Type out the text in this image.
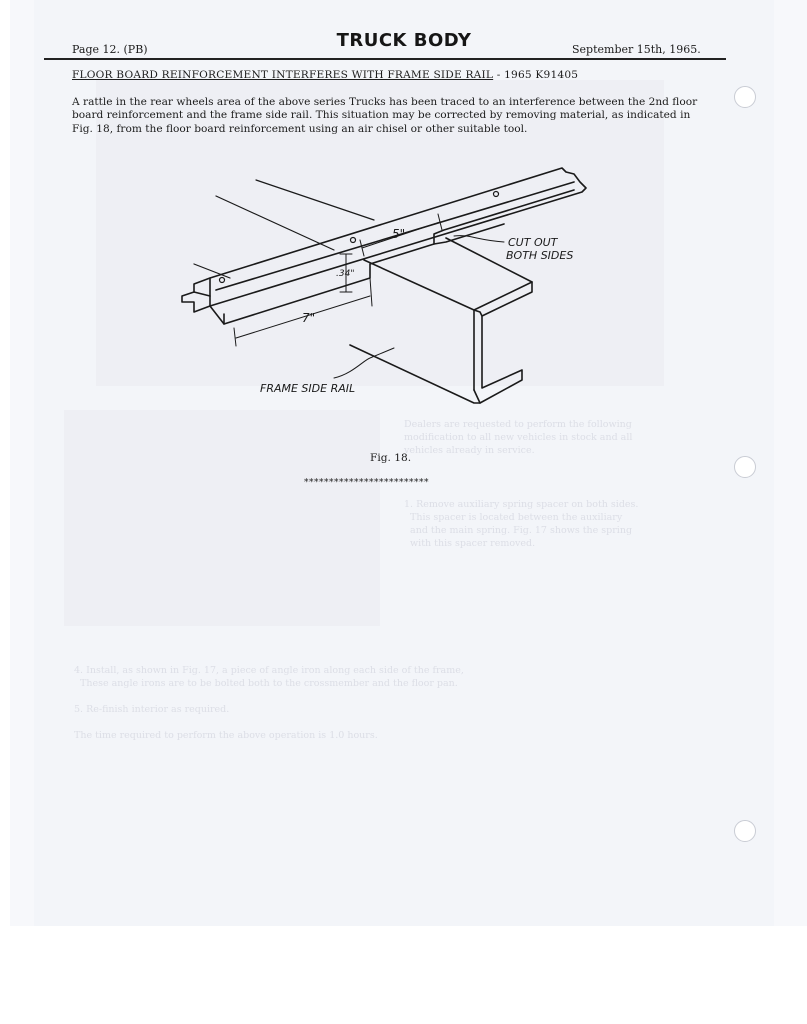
Dealers are requested to perform the following
modification to all new vehicles in stock and all
vehicles already in service.
1. Remove auxiliary spring spacer on both sides.
This spacer is located between the auxiliary
and the main spring. Fig. 17 shows the spring
with this spacer removed.
4. Install, as shown in Fig. 17, a piece of angle iron along each side of the frame,
These angle irons are to be bolted both to the crossmember and the floor pan.

5. Re-finish interior as required.

The time required to perform the above operation is 1.0 hours.
Page 12. (PB)	TRUCK BODY	September 15th, 1965.
FLOOR BOARD REINFORCEMENT INTERFERES WITH FRAME SIDE RAIL - 1965 K91405
A rattle in the rear wheels area of the above series Trucks has been traced to an interference between the 2nd floor board reinforcement and the frame side rail. This situation may be corrected by removing material, as indicated in Fig. 18, from the floor board reinforcement using an air chisel or other suitable tool.
5"
.34"
7"
CUT OUT
BOTH SIDES
FRAME SIDE RAIL
Fig. 18.
*************************
